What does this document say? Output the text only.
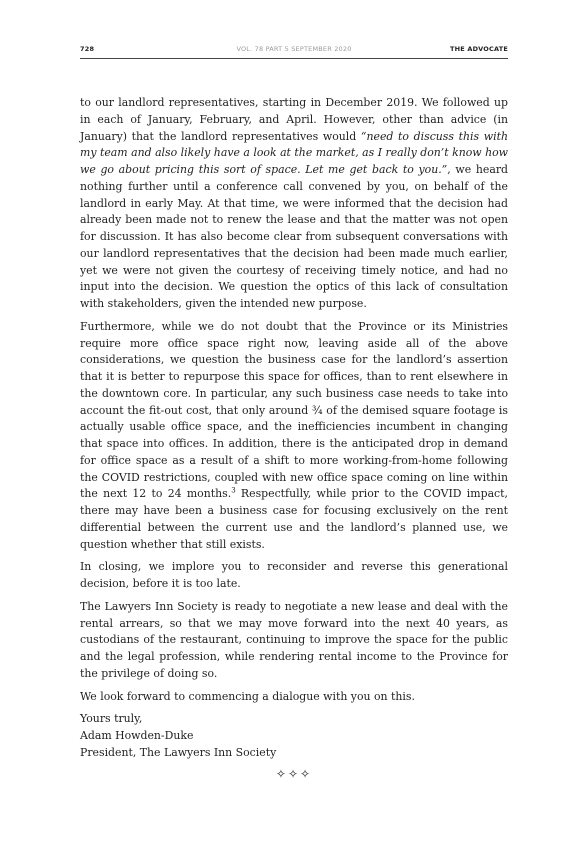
728	VOL. 78 PART 5 SEPTEMBER 2020	THE ADVOCATE

to our landlord representatives, starting in December 2019. We followed up in each of January, February, and April. However, other than advice (in January) that the landlord representatives would “need to discuss this with my team and also likely have a look at the market, as I really don’t know how we go about pricing this sort of space. Let me get back to you.”, we heard nothing further until a conference call convened by you, on behalf of the landlord in early May. At that time, we were informed that the decision had already been made not to renew the lease and that the matter was not open for discussion. It has also become clear from subsequent conversations with our landlord representatives that the decision had been made much earlier, yet we were not given the courtesy of receiving timely notice, and had no input into the decision. We question the optics of this lack of consultation with stakeholders, given the intended new purpose.

Furthermore, while we do not doubt that the Province or its Ministries require more office space right now, leaving aside all of the above considerations, we question the business case for the landlord’s assertion that it is better to repurpose this space for offices, than to rent elsewhere in the downtown core. In particular, any such business case needs to take into account the fit-out cost, that only around ¾ of the demised square footage is actually usable office space, and the inefficiencies incumbent in changing that space into offices. In addition, there is the anticipated drop in demand for office space as a result of a shift to more working-from-home following the COVID restrictions, coupled with new office space coming on line within the next 12 to 24 months.$^3$ Respectfully, while prior to the COVID impact, there may have been a business case for focusing exclusively on the rent differential between the current use and the landlord’s planned use, we question whether that still exists.

In closing, we implore you to reconsider and reverse this generational decision, before it is too late.

The Lawyers Inn Society is ready to negotiate a new lease and deal with the rental arrears, so that we may move forward into the next 40 years, as custodians of the restaurant, continuing to improve the space for the public and the legal profession, while rendering rental income to the Province for the privilege of doing so.

We look forward to commencing a dialogue with you on this.

Yours truly,

Adam Howden-Duke

President, The Lawyers Inn Society

✧✧✧
